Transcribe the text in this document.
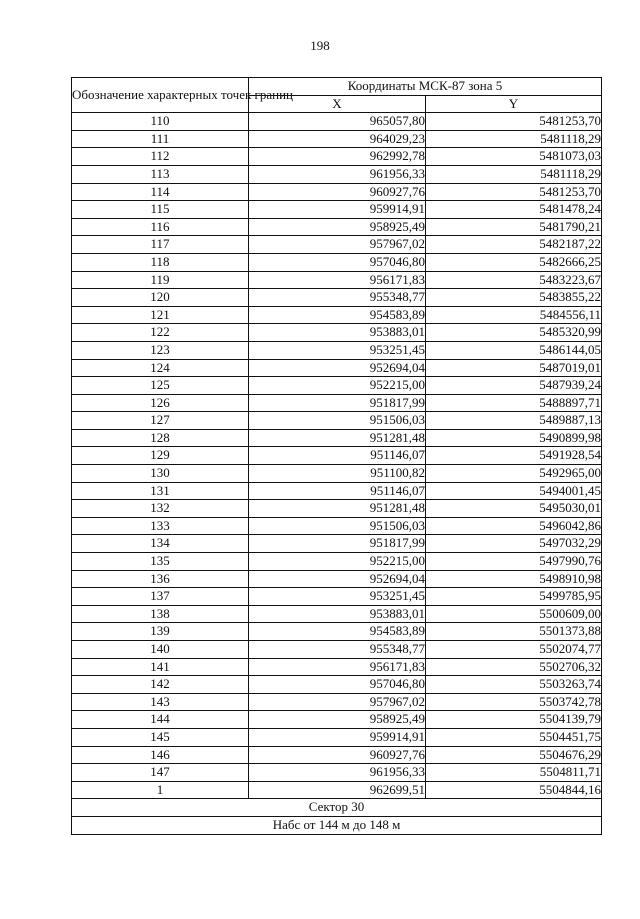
198
Обозначение характерных точек границ	Координаты МСК-87 зона 5	
	X	Y
110	965057,80	5481253,70
111	964029,23	5481118,29
112	962992,78	5481073,03
113	961956,33	5481118,29
114	960927,76	5481253,70
115	959914,91	5481478,24
116	958925,49	5481790,21
117	957967,02	5482187,22
118	957046,80	5482666,25
119	956171,83	5483223,67
120	955348,77	5483855,22
121	954583,89	5484556,11
122	953883,01	5485320,99
123	953251,45	5486144,05
124	952694,04	5487019,01
125	952215,00	5487939,24
126	951817,99	5488897,71
127	951506,03	5489887,13
128	951281,48	5490899,98
129	951146,07	5491928,54
130	951100,82	5492965,00
131	951146,07	5494001,45
132	951281,48	5495030,01
133	951506,03	5496042,86
134	951817,99	5497032,29
135	952215,00	5497990,76
136	952694,04	5498910,98
137	953251,45	5499785,95
138	953883,01	5500609,00
139	954583,89	5501373,88
140	955348,77	5502074,77
141	956171,83	5502706,32
142	957046,80	5503263,74
143	957967,02	5503742,78
144	958925,49	5504139,79
145	959914,91	5504451,75
146	960927,76	5504676,29
147	961956,33	5504811,71
1	962699,51	5504844,16
Сектор 30		
Набс от 144 м до 148 м		
